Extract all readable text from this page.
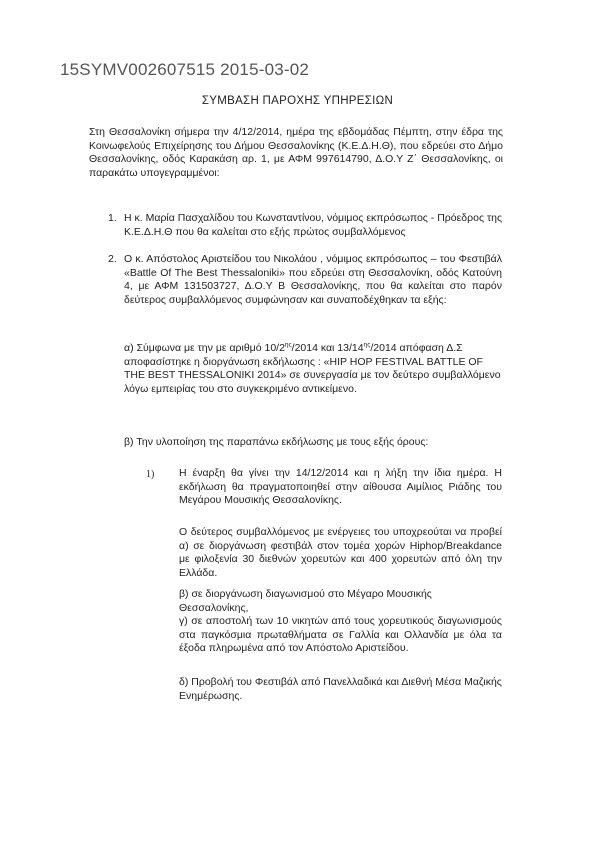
15SYMV002607515 2015-03-02
ΣΥΜΒΑΣΗ ΠΑΡΟΧΗΣ ΥΠΗΡΕΣΙΩΝ
Στη Θεσσαλονίκη σήμερα την 4/12/2014, ημέρα της εβδομάδας Πέμπτη, στην έδρα της Κοινωφελούς Επιχείρησης του Δήμου Θεσσαλονίκης (Κ.Ε.Δ.Η.Θ), που εδρεύει στο Δήμο Θεσσαλονίκης, οδός Καρακάση αρ. 1, με ΑΦΜ 997614790, Δ.Ο.Υ Ζ΄ Θεσσαλονίκης, οι παρακάτω υπογεγραμμένοι:
1. Η κ. Μαρία Πασχαλίδου του Κωνσταντίνου, νόμιμος εκπρόσωπος - Πρόεδρος της Κ.Ε.Δ.Η.Θ που θα καλείται στο εξής πρώτος συμβαλλόμενος
2. Ο κ. Απόστολος Αριστείδου του Νικολάου , νόμιμος εκπρόσωπος – του Φεστιβάλ «Battle Of The Best Thessaloniki» που εδρεύει στη Θεσσαλονίκη, οδός Κατούνη 4, με ΑΦΜ 131503727, Δ.Ο.Υ Β Θεσσαλονίκης, που θα καλείται στο παρόν δεύτερος συμβαλλόμενος συμφώνησαν και συναποδέχθηκαν τα εξής:
α) Σύμφωνα με την με αριθμό $10/2^{\eta\varsigma}/2014$ και $13/14^{\eta\varsigma}/2014$ απόφαση Δ.Σ αποφασίστηκε η διοργάνωση εκδήλωσης : «HIP HOP FESTIVAL BATTLE OF THE BEST THESSALONIKI 2014» σε συνεργασία με τον δεύτερο συμβαλλόμενο λόγω εμπειρίας του στο συγκεκριμένο αντικείμενο.
β) Την υλοποίηση της παραπάνω εκδήλωσης με τους εξής όρους:
1) Η έναρξη θα γίνει την 14/12/2014 και η λήξη την ίδια ημέρα. Η εκδήλωση θα πραγματοποιηθεί στην αίθουσα Αιμίλιος Ριάδης του Μεγάρου Μουσικής Θεσσαλονίκης.
Ο δεύτερος συμβαλλόμενος με ενέργειες του υποχρεούται να προβεί α) σε διοργάνωση φεστιβάλ στον τομέα χορών Hiphop/Breakdance με φιλοξενία 30 διεθνών χορευτών και 400 χορευτών από όλη την Ελλάδα.
β) σε διοργάνωση διαγωνισμού στο Μέγαρο Μουσικής Θεσσαλονίκης,
γ) σε αποστολή των 10 νικητών από τους χορευτικούς διαγωνισμούς στα παγκόσμια πρωταθλήματα σε Γαλλία και Ολλανδία με όλα τα έξοδα πληρωμένα από τον Απόστολο Αριστείδου.
δ) Προβολή του Φεστιβάλ από Πανελλαδικά και Διεθνή Μέσα Μαζικής Ενημέρωσης.
